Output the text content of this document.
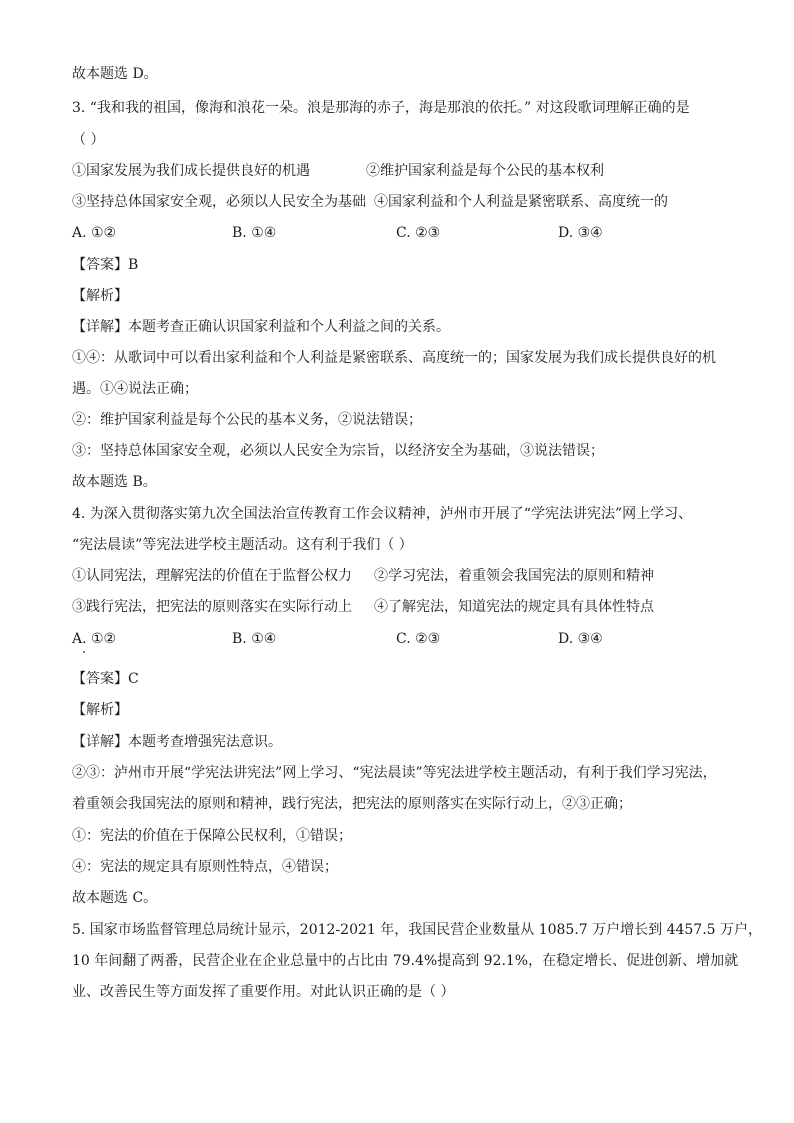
故本题选 D。
3. “我和我的祖国，像海和浪花一朵。浪是那海的赤子，海是那浪的依托。” 对这段歌词理解正确的是
（ ）
①国家发展为我们成长提供良好的机遇	②维护国家利益是每个公民的基本权利
③坚持总体国家安全观，必须以人民安全为基础 ④国家利益和个人利益是紧密联系、高度统一的
A. ①②	B. ①④	C. ②③	D. ③④
【答案】B
【解析】
【详解】本题考查正确认识国家利益和个人利益之间的关系。
①④：从歌词中可以看出家利益和个人利益是紧密联系、高度统一的；国家发展为我们成长提供良好的机
遇。①④说法正确；
②：维护国家利益是每个公民的基本义务，②说法错误；
③：坚持总体国家安全观，必须以人民安全为宗旨，以经济安全为基础，③说法错误；
故本题选 B。
4. 为深入贯彻落实第九次全国法治宣传教育工作会议精神，泸州市开展了“学宪法讲宪法”网上学习、
“宪法晨读”等宪法进学校主题活动。这有利于我们（ ）
①认同宪法，理解宪法的价值在于监督公权力 ②学习宪法，着重领会我国宪法的原则和精神
③践行宪法，把宪法的原则落实在实际行动上 ④了解宪法，知道宪法的规定具有具体性特点
A. ①②	B. ①④	C. ②③	D. ③④
【答案】C
【解析】
【详解】本题考查增强宪法意识。
②③：泸州市开展“学宪法讲宪法”网上学习、“宪法晨读”等宪法进学校主题活动，有利于我们学习宪法，
着重领会我国宪法的原则和精神，践行宪法，把宪法的原则落实在实际行动上，②③正确；
①：宪法的价值在于保障公民权利，①错误；
④：宪法的规定具有原则性特点，④错误；
故本题选 C。
5. 国家市场监督管理总局统计显示，2012-2021 年，我国民营企业数量从 1085.7 万户增长到 4457.5 万户，
10 年间翻了两番，民营企业在企业总量中的占比由 79.4%提高到 92.1%，在稳定增长、促进创新、增加就
业、改善民生等方面发挥了重要作用。对此认识正确的是（ ）
